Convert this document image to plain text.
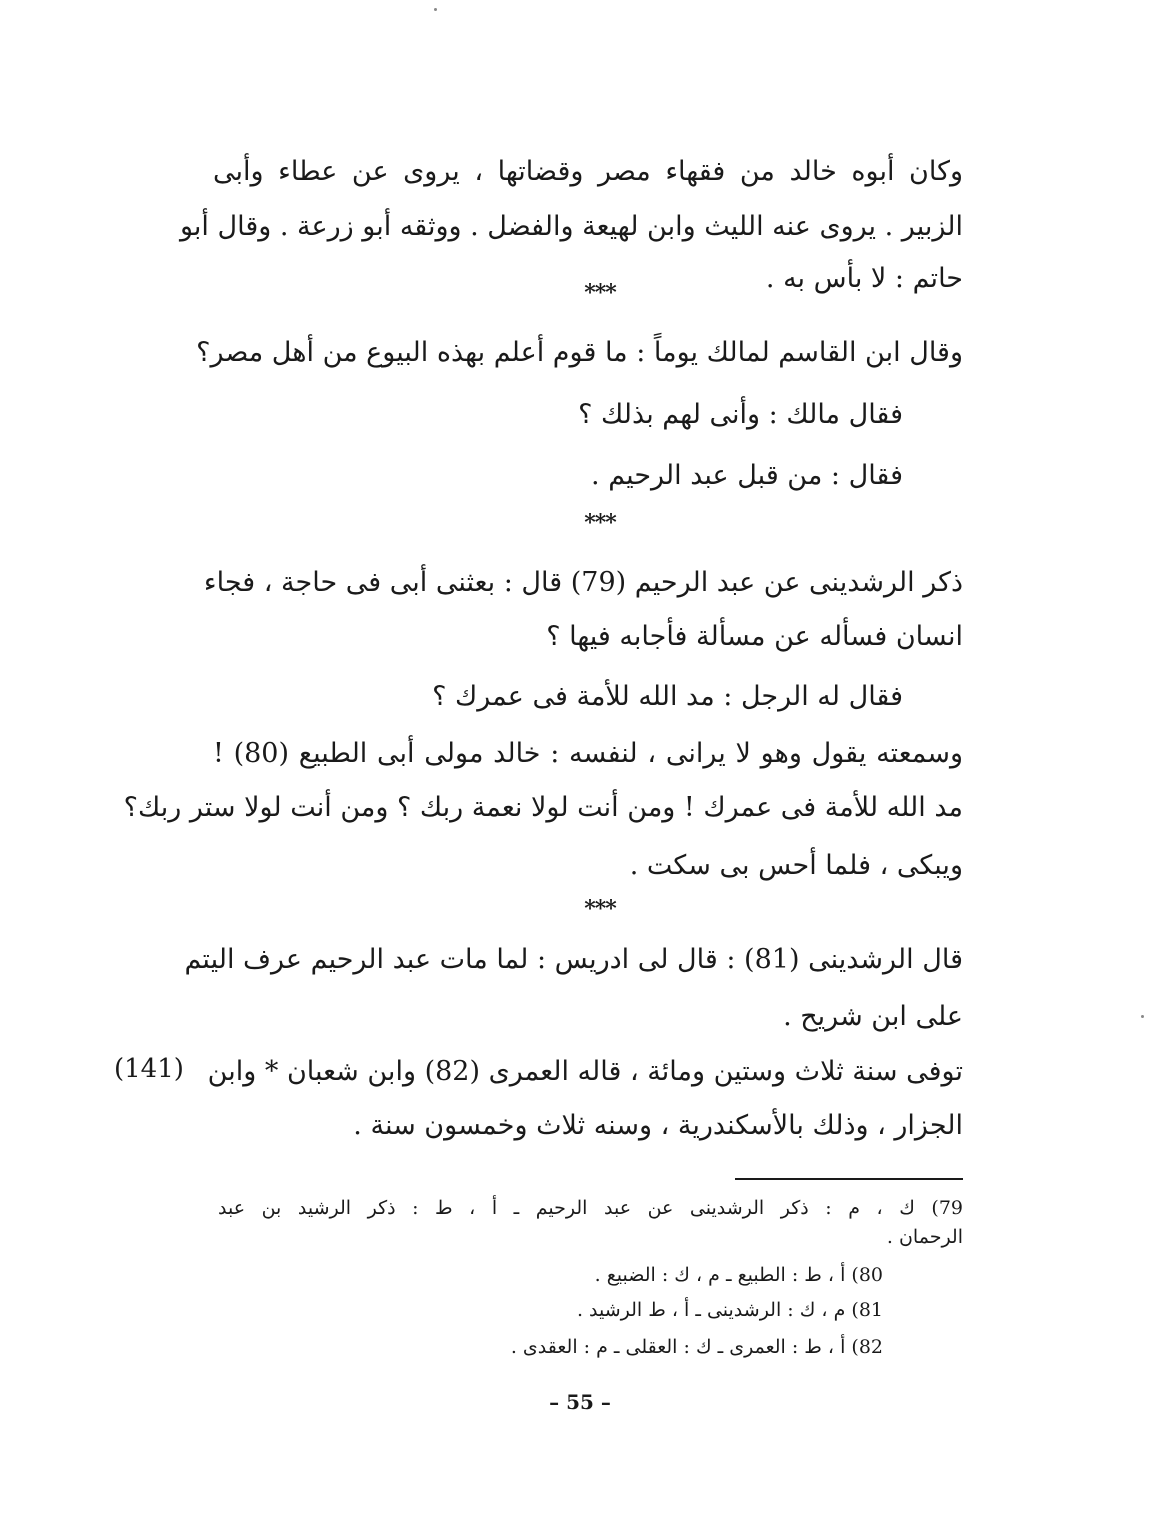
وكان أبوه خالد من فقهاء مصر وقضاتها ، يروى عن عطاء وأبى
الزبير . يروى عنه الليث وابن لهيعة والفضل . ووثقه أبو زرعة . وقال أبو
حاتم : لا بأس به .
***
وقال ابن القاسم لمالك يوماً : ما قوم أعلم بهذه البيوع من أهل مصر؟
فقال مالك : وأنى لهم بذلك ؟
فقال : من قبل عبد الرحيم .
***
ذكر الرشدينى عن عبد الرحيم (79) قال : بعثنى أبى فى حاجة ، فجاء
انسان فسأله عن مسألة فأجابه فيها ؟
فقال له الرجل : مد الله للأمة فى عمرك ؟
وسمعته يقول وهو لا يرانى ، لنفسه : خالد مولى أبى الطبيع (80) !
مد الله للأمة فى عمرك ! ومن أنت لولا نعمة ربك ؟ ومن أنت لولا ستر ربك؟
ويبكى ، فلما أحس بى سكت .
***
قال الرشدينى (81) : قال لى ادريس : لما مات عبد الرحيم عرف اليتم
على ابن شريح .
توفى سنة ثلاث وستين ومائة ، قاله العمرى (82) وابن شعبان * وابن
الجزار ، وذلك بالأسكندرية ، وسنه ثلاث وخمسون سنة .
(141)
79) ك ، م : ذكر الرشدينى عن عبد الرحيم ـ أ ، ط : ذكر الرشيد بن عبد
الرحمان .
80) أ ، ط : الطبيع ـ م ، ك : الضبيع .
81) م ، ك : الرشدينى ـ أ ، ط الرشيد .
82) أ ، ط : العمرى ـ ك : العقلى ـ م : العقدى .
– 55 –
